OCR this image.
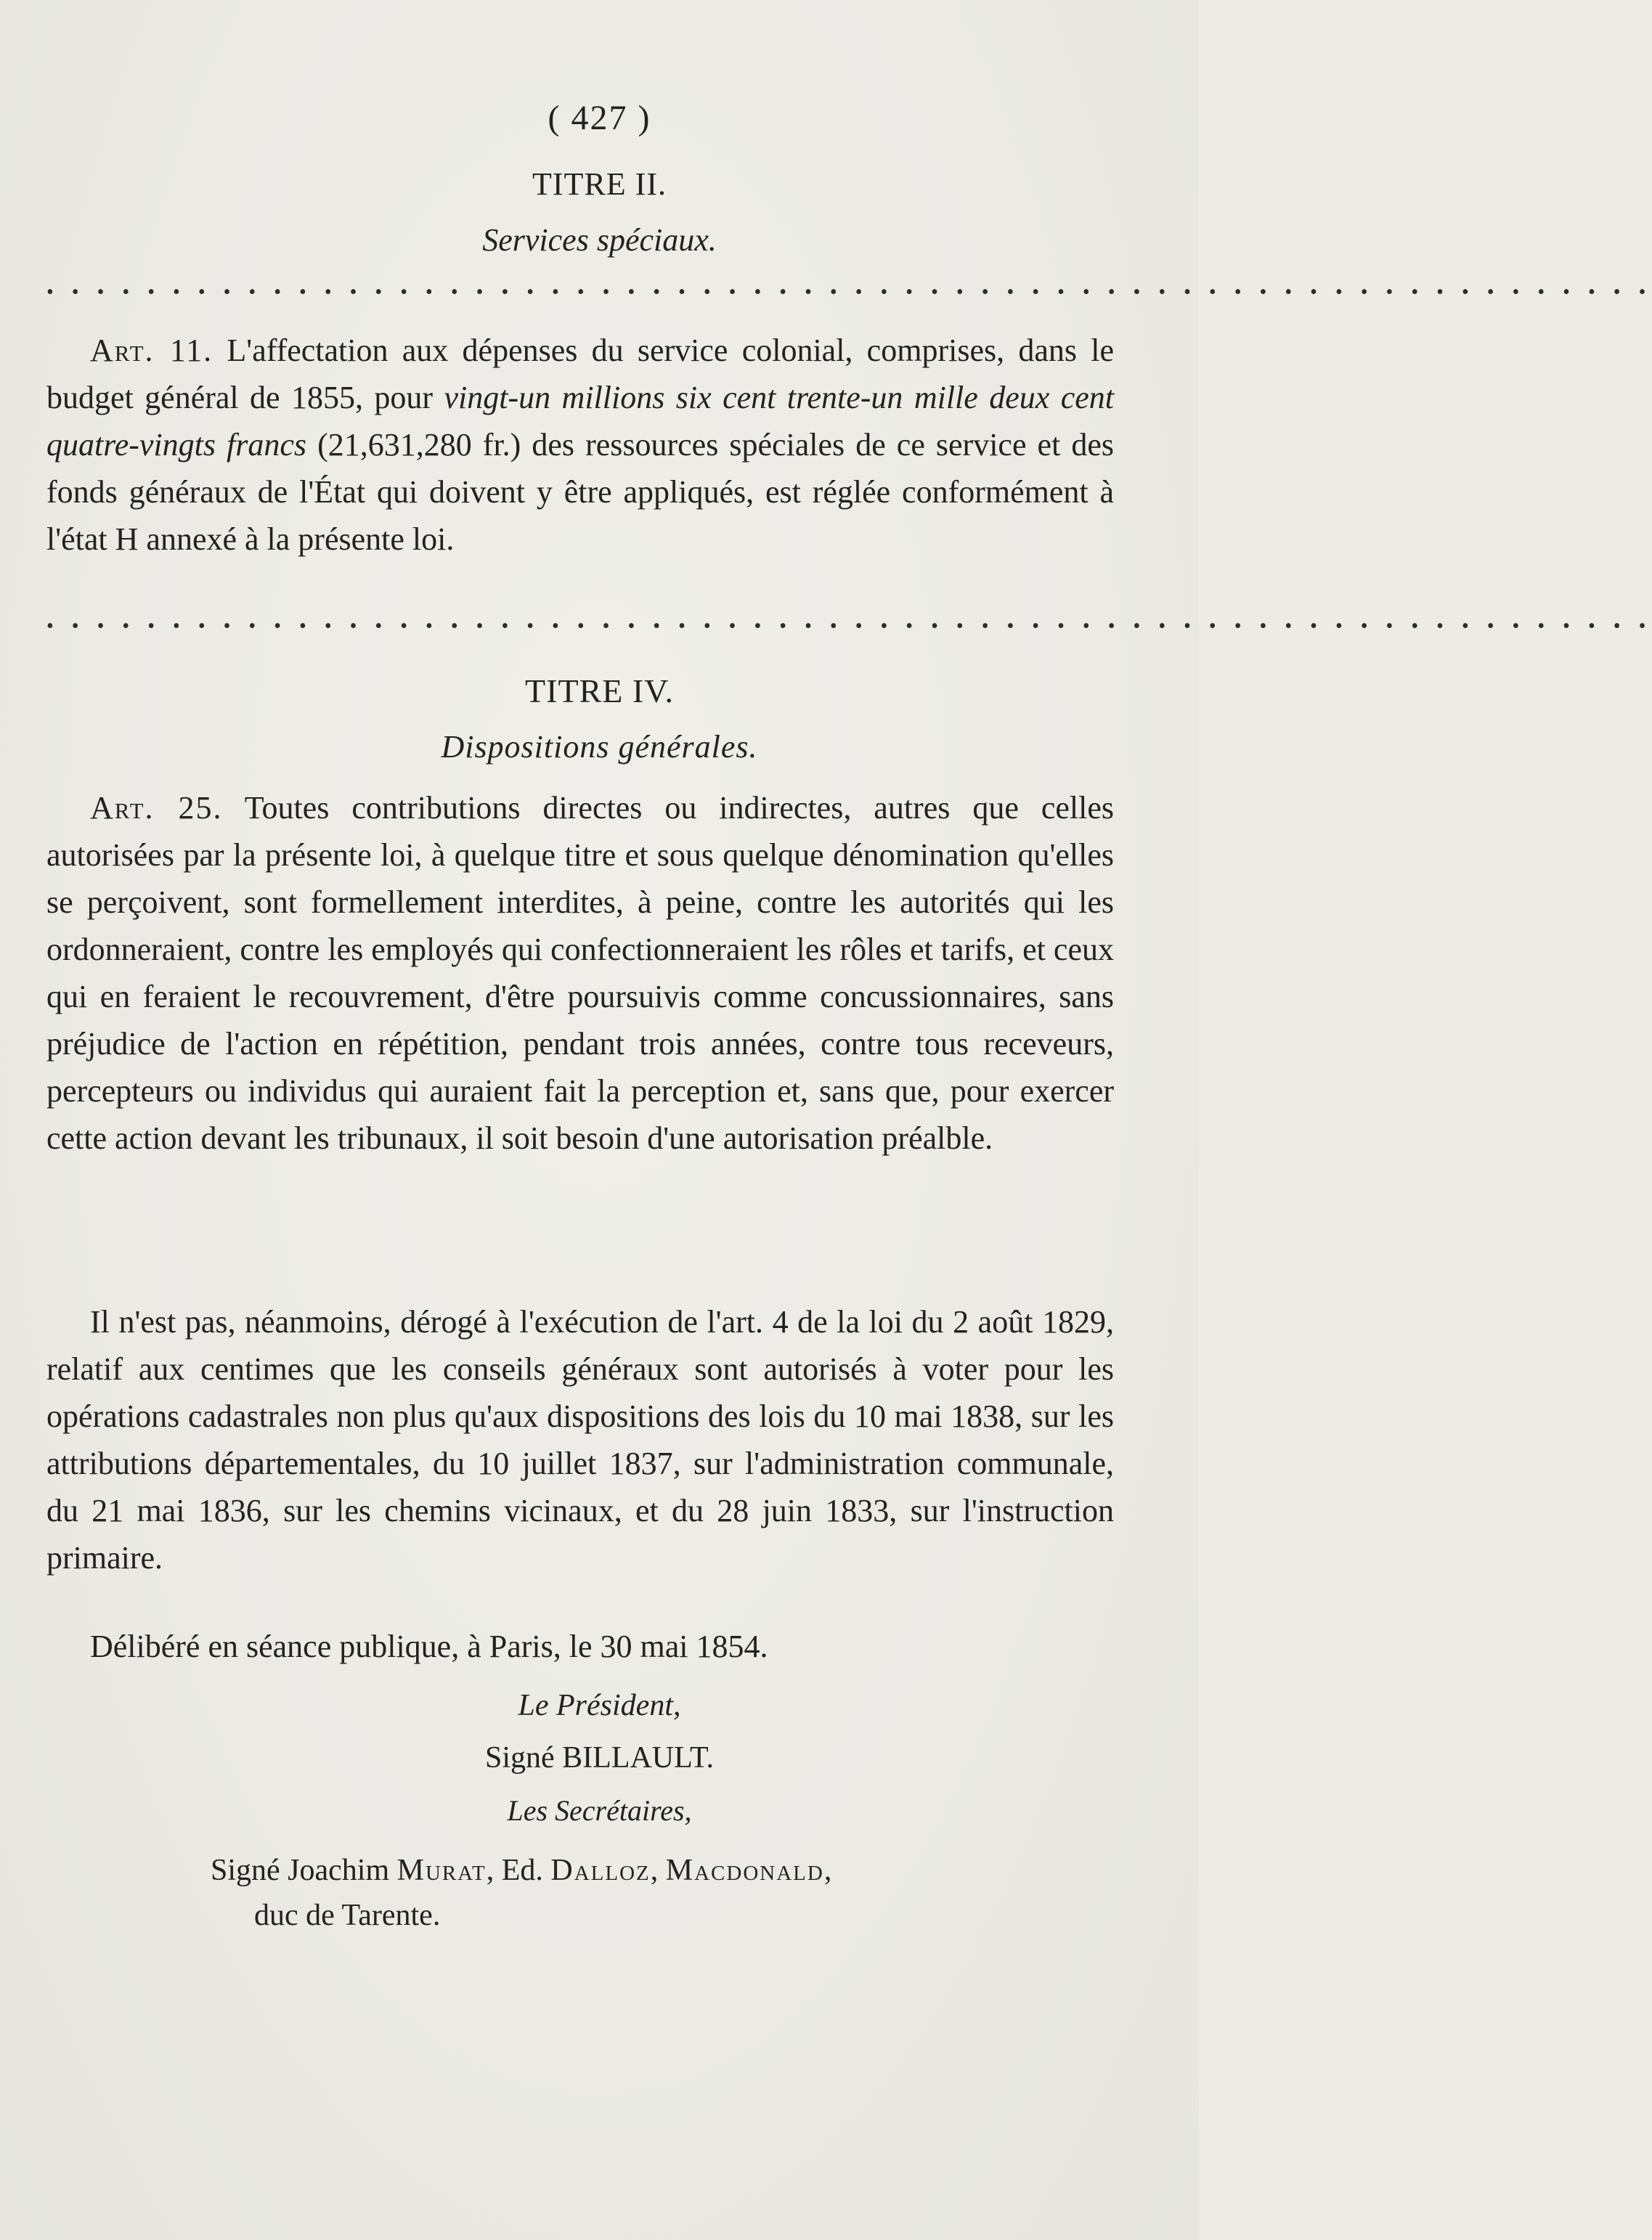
( 427 )
TITRE II.
Services spéciaux.
• • • • • • • • • • • • • • • • • • • • • • • • • • • • • • • • • • • • • • • • • • • • • • • • • • • • • • • • • • • • • • • •

Art. 11. L'affectation aux dépenses du service colonial, comprises, dans le budget général de 1855, pour vingt-un millions six cent trente-un mille deux cent quatre-vingts francs (21,631,280 fr.) des ressources spéciales de ce service et des fonds généraux de l'État qui doivent y être appliqués, est réglée conformément à l'état H annexé à la présente loi.

• • • • • • • • • • • • • • • • • • • • • • • • • • • • • • • • • • • • • • • • • • • • • • • • • • • • • • • • • • • • • • • •
TITRE IV.
Dispositions générales.

Art. 25. Toutes contributions directes ou indirectes, autres que celles autorisées par la présente loi, à quelque titre et sous quelque dénomination qu'elles se perçoivent, sont formellement interdites, à peine, contre les autorités qui les ordonneraient, contre les employés qui confectionneraient les rôles et tarifs, et ceux qui en feraient le recouvrement, d'être poursuivis comme concussionnaires, sans préjudice de l'action en répétition, pendant trois années, contre tous receveurs, percepteurs ou individus qui auraient fait la perception et, sans que, pour exercer cette action devant les tribunaux, il soit besoin d'une autorisation préalble.

Il n'est pas, néanmoins, dérogé à l'exécution de l'art. 4 de la loi du 2 août 1829, relatif aux centimes que les conseils généraux sont autorisés à voter pour les opérations cadastrales non plus qu'aux dispositions des lois du 10 mai 1838, sur les attributions départementales, du 10 juillet 1837, sur l'administration communale, du 21 mai 1836, sur les chemins vicinaux, et du 28 juin 1833, sur l'instruction primaire.

Délibéré en séance publique, à Paris, le 30 mai 1854.

Le Président,
Signé BILLAULT.
Les Secrétaires,
Signé Joachim Murat, Ed. Dalloz, Macdonald,
duc de Tarente.
